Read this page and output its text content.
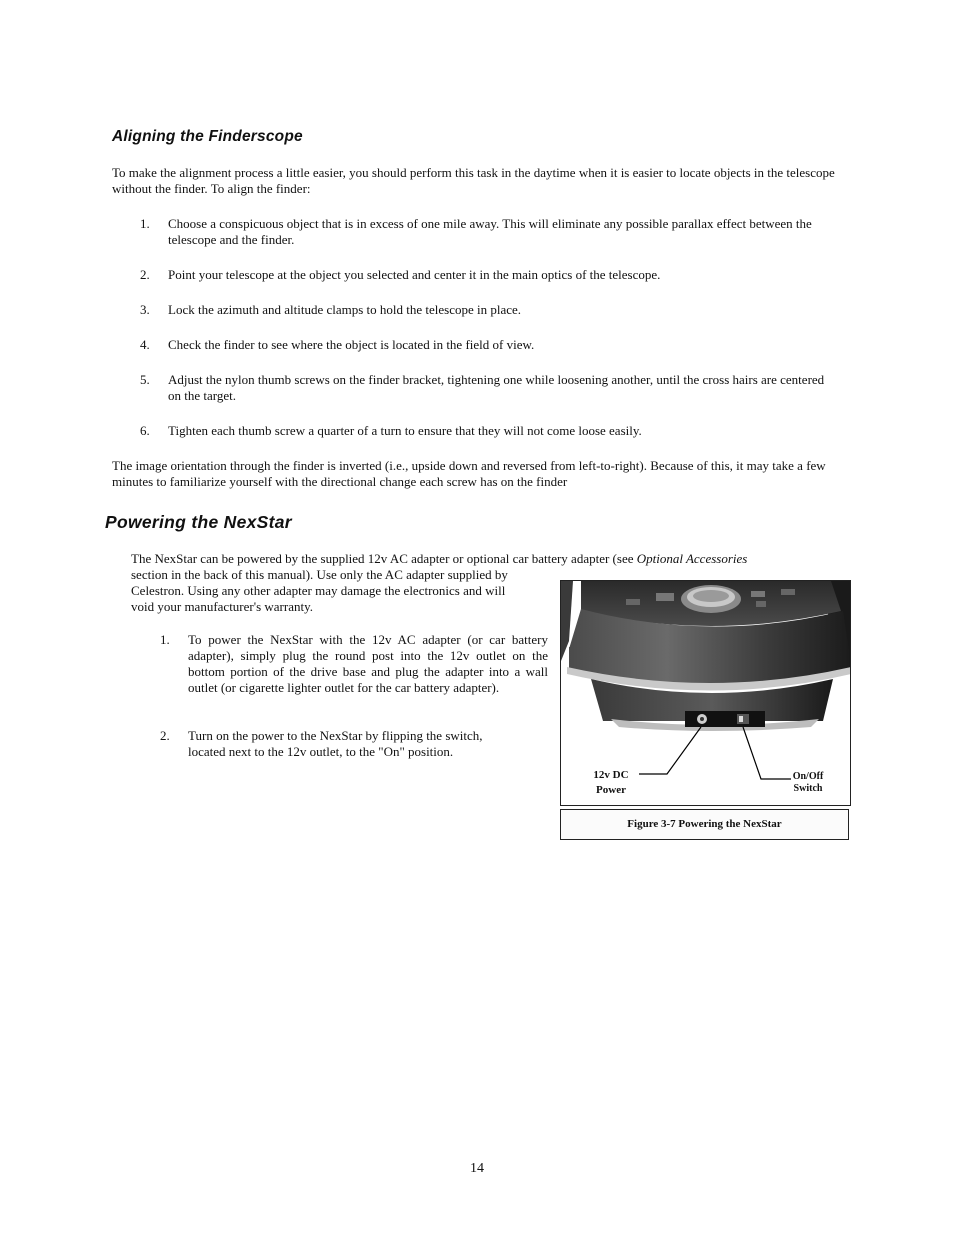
Aligning the Finderscope

To make the alignment process a little easier, you should perform this task in the daytime when it is easier to locate objects in the telescope without the finder. To align the finder:

1. Choose a conspicuous object that is in excess of one mile away. This will eliminate any possible parallax effect between the telescope and the finder.
2. Point your telescope at the object you selected and center it in the main optics of the telescope.
3. Lock the azimuth and altitude clamps to hold the telescope in place.
4. Check the finder to see where the object is located in the field of view.
5. Adjust the nylon thumb screws on the finder bracket, tightening one while loosening another, until the cross hairs are centered on the target.
6. Tighten each thumb screw a quarter of a turn to ensure that they will not come loose easily.

The image orientation through the finder is inverted (i.e., upside down and reversed from left-to-right). Because of this, it may take a few minutes to familiarize yourself with the directional change each screw has on the finder

Powering the NexStar
The NexStar can be powered by the supplied 12v AC adapter or optional car battery adapter (see Optional Accessories
section in the back of this manual). Use only the AC adapter supplied by
Celestron. Using any other adapter may damage the electronics and will
void your manufacturer's warranty.
1. To power the NexStar with the 12v AC adapter (or car battery adapter), simply plug the round post into the 12v outlet on the bottom portion of the drive base and plug the adapter into a wall outlet (or cigarette lighter outlet for the car battery adapter).
2. Turn on the power to the NexStar by flipping the switch, located next to the 12v outlet, to the "On" position.
12v DC
Power
On/Off
Switch
Figure 3-7 Powering the NexStar
14
